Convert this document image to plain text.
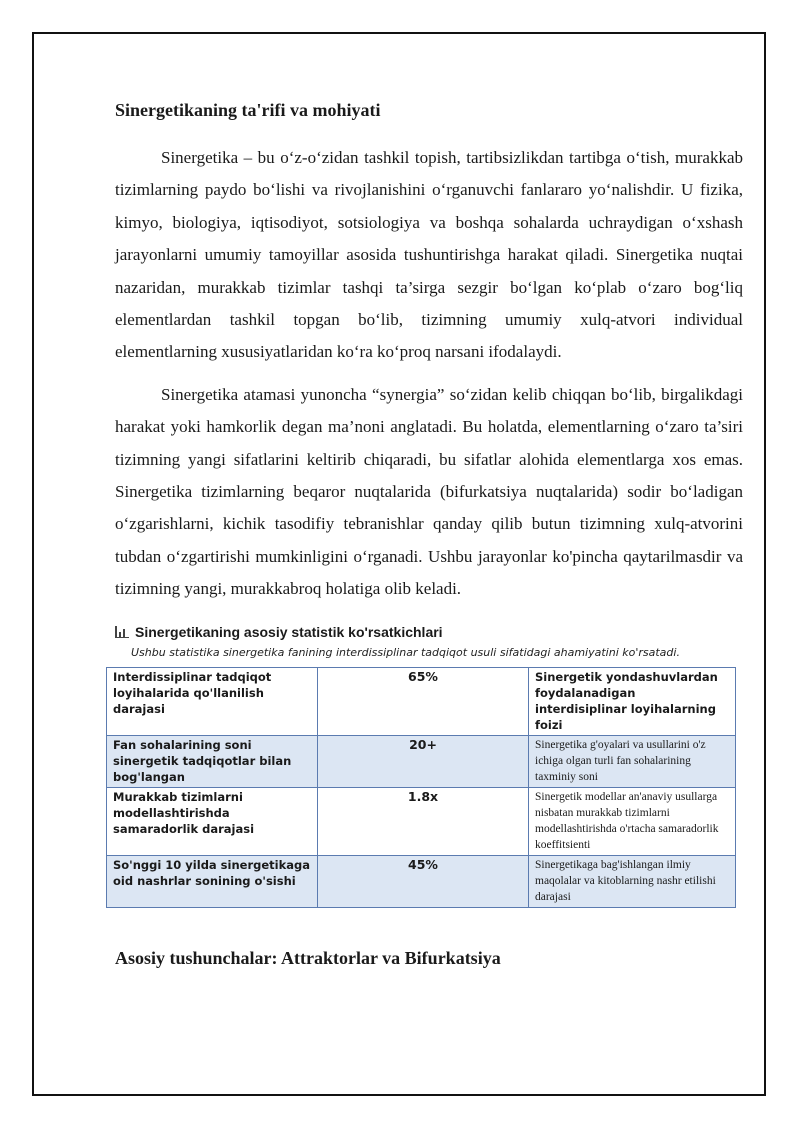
Sinergetikaning ta'rifi va mohiyati

Sinergetika – bu o‘z-o‘zidan tashkil topish, tartibsizlikdan tartibga o‘tish, murakkab tizimlarning paydo bo‘lishi va rivojlanishini o‘rganuvchi fanlararo yo‘nalishdir. U fizika, kimyo, biologiya, iqtisodiyot, sotsiologiya va boshqa sohalarda uchraydigan o‘xshash jarayonlarni umumiy tamoyillar asosida tushuntirishga harakat qiladi. Sinergetika nuqtai nazaridan, murakkab tizimlar tashqi ta’sirga sezgir bo‘lgan ko‘plab o‘zaro bog‘liq elementlardan tashkil topgan bo‘lib, tizimning umumiy xulq-atvori individual elementlarning xususiyatlaridan ko‘ra ko‘proq narsani ifodalaydi.

Sinergetika atamasi yunoncha “synergia” so‘zidan kelib chiqqan bo‘lib, birgalikdagi harakat yoki hamkorlik degan ma’noni anglatadi. Bu holatda, elementlarning o‘zaro ta’siri tizimning yangi sifatlarini keltirib chiqaradi, bu sifatlar alohida elementlarga xos emas. Sinergetika tizimlarning beqaror nuqtalarida (bifurkatsiya nuqtalarida) sodir bo‘ladigan o‘zgarishlarni, kichik tasodifiy tebranishlar qanday qilib butun tizimning xulq-atvorini tubdan o‘zgartirishi mumkinligini o‘rganadi. Ushbu jarayonlar ko'pincha qaytarilmasdir va tizimning yangi, murakkabroq holatiga olib keladi.

Sinergetikaning asosiy statistik ko'rsatkichlari
Ushbu statistika sinergetika fanining interdissiplinar tadqiqot usuli sifatidagi ahamiyatini ko'rsatadi.
Interdissiplinar tadqiqot loyihalarida qo'llanilish darajasi	65%	Sinergetik yondashuvlardan foydalanadigan interdisiplinar loyihalarning foizi
Fan sohalarining soni sinergetik tadqiqotlar bilan bog'langan	20+	Sinergetika g'oyalari va usullarini o'z ichiga olgan turli fan sohalarining taxminiy soni
Murakkab tizimlarni modellashtirishda samaradorlik darajasi	1.8x	Sinergetik modellar an'anaviy usullarga nisbatan murakkab tizimlarni modellashtirishda o'rtacha samaradorlik koeffitsienti
So'nggi 10 yilda sinergetikaga oid nashrlar sonining o'sishi	45%	Sinergetikaga bag'ishlangan ilmiy maqolalar va kitoblarning nashr etilishi darajasi
Asosiy tushunchalar: Attraktorlar va Bifurkatsiya
